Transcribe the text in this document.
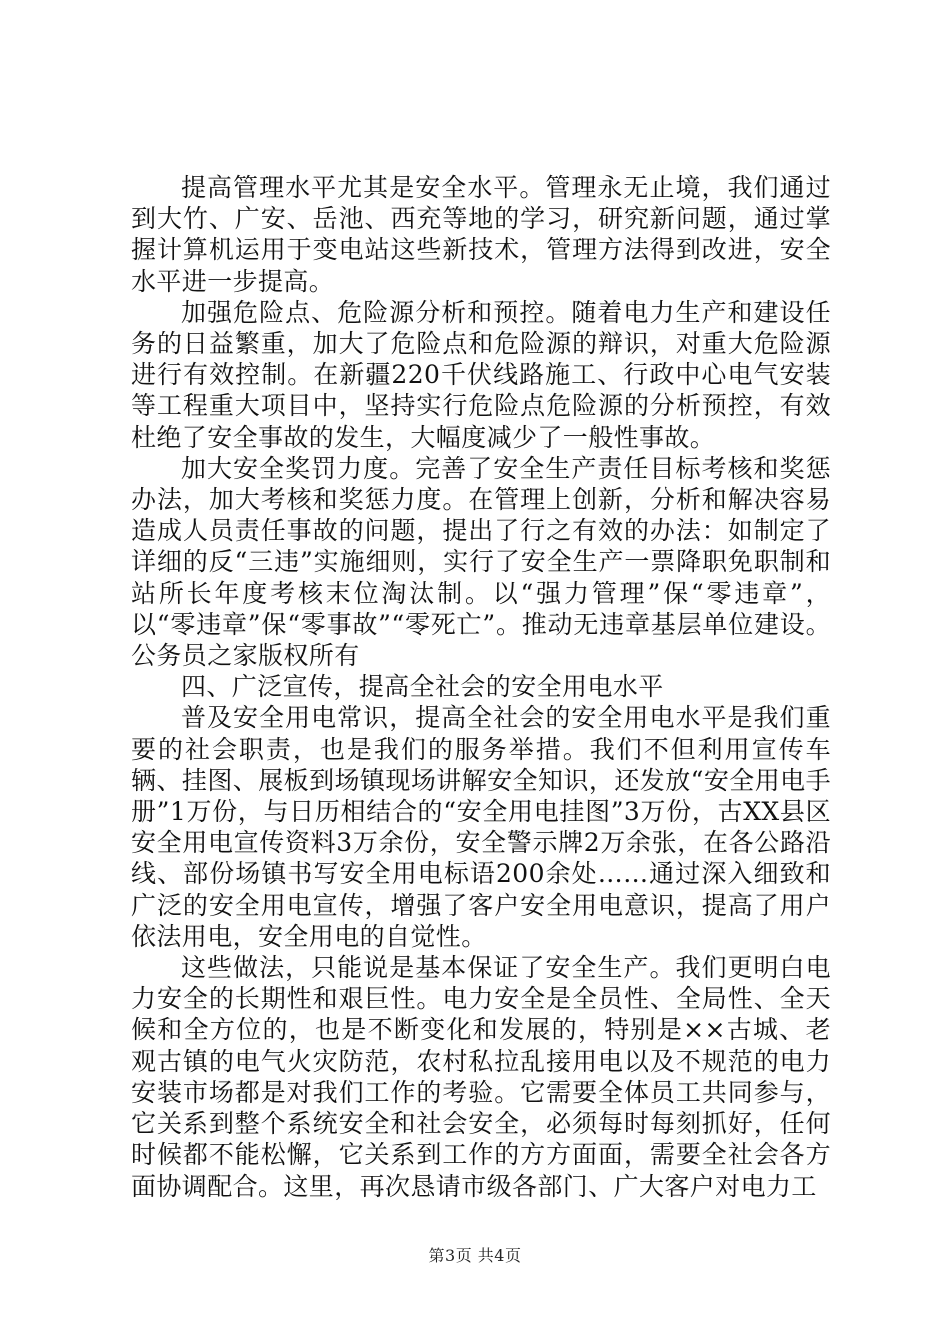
提高管理水平尤其是安全水平。管理永无止境，我们通过到大竹、广安、岳池、西充等地的学习，研究新问题，通过掌握计算机运用于变电站这些新技术，管理方法得到改进，安全水平进一步提高。

加强危险点、危险源分析和预控。随着电力生产和建设任务的日益繁重，加大了危险点和危险源的辩识，对重大危险源进行有效控制。在新疆220千伏线路施工、行政中心电气安装等工程重大项目中，坚持实行危险点危险源的分析预控，有效杜绝了安全事故的发生，大幅度减少了一般性事故。

加大安全奖罚力度。完善了安全生产责任目标考核和奖惩办法，加大考核和奖惩力度。在管理上创新，分析和解决容易造成人员责任事故的问题，提出了行之有效的办法：如制定了详细的反“三违”实施细则，实行了安全生产一票降职免职制和站所长年度考核末位淘汰制。以“强力管理”保“零违章”，以“零违章”保“零事故”“零死亡”。推动无违章基层单位建设。公务员之家版权所有

四、广泛宣传，提高全社会的安全用电水平

普及安全用电常识，提高全社会的安全用电水平是我们重要的社会职责，也是我们的服务举措。我们不但利用宣传车辆、挂图、展板到场镇现场讲解安全知识，还发放“安全用电手册”1万份，与日历相结合的“安全用电挂图”3万份，古XX县区安全用电宣传资料3万余份，安全警示牌2万余张，在各公路沿线、部份场镇书写安全用电标语200余处……通过深入细致和广泛的安全用电宣传，增强了客户安全用电意识，提高了用户依法用电，安全用电的自觉性。

这些做法，只能说是基本保证了安全生产。我们更明白电力安全的长期性和艰巨性。电力安全是全员性、全局性、全天候和全方位的，也是不断变化和发展的，特别是××古城、老观古镇的电气火灾防范，农村私拉乱接用电以及不规范的电力安装市场都是对我们工作的考验。它需要全体员工共同参与，它关系到整个系统安全和社会安全，必须每时每刻抓好，任何时候都不能松懈，它关系到工作的方方面面，需要全社会各方面协调配合。这里，再次恳请市级各部门、广大客户对电力工

第3页 共4页
